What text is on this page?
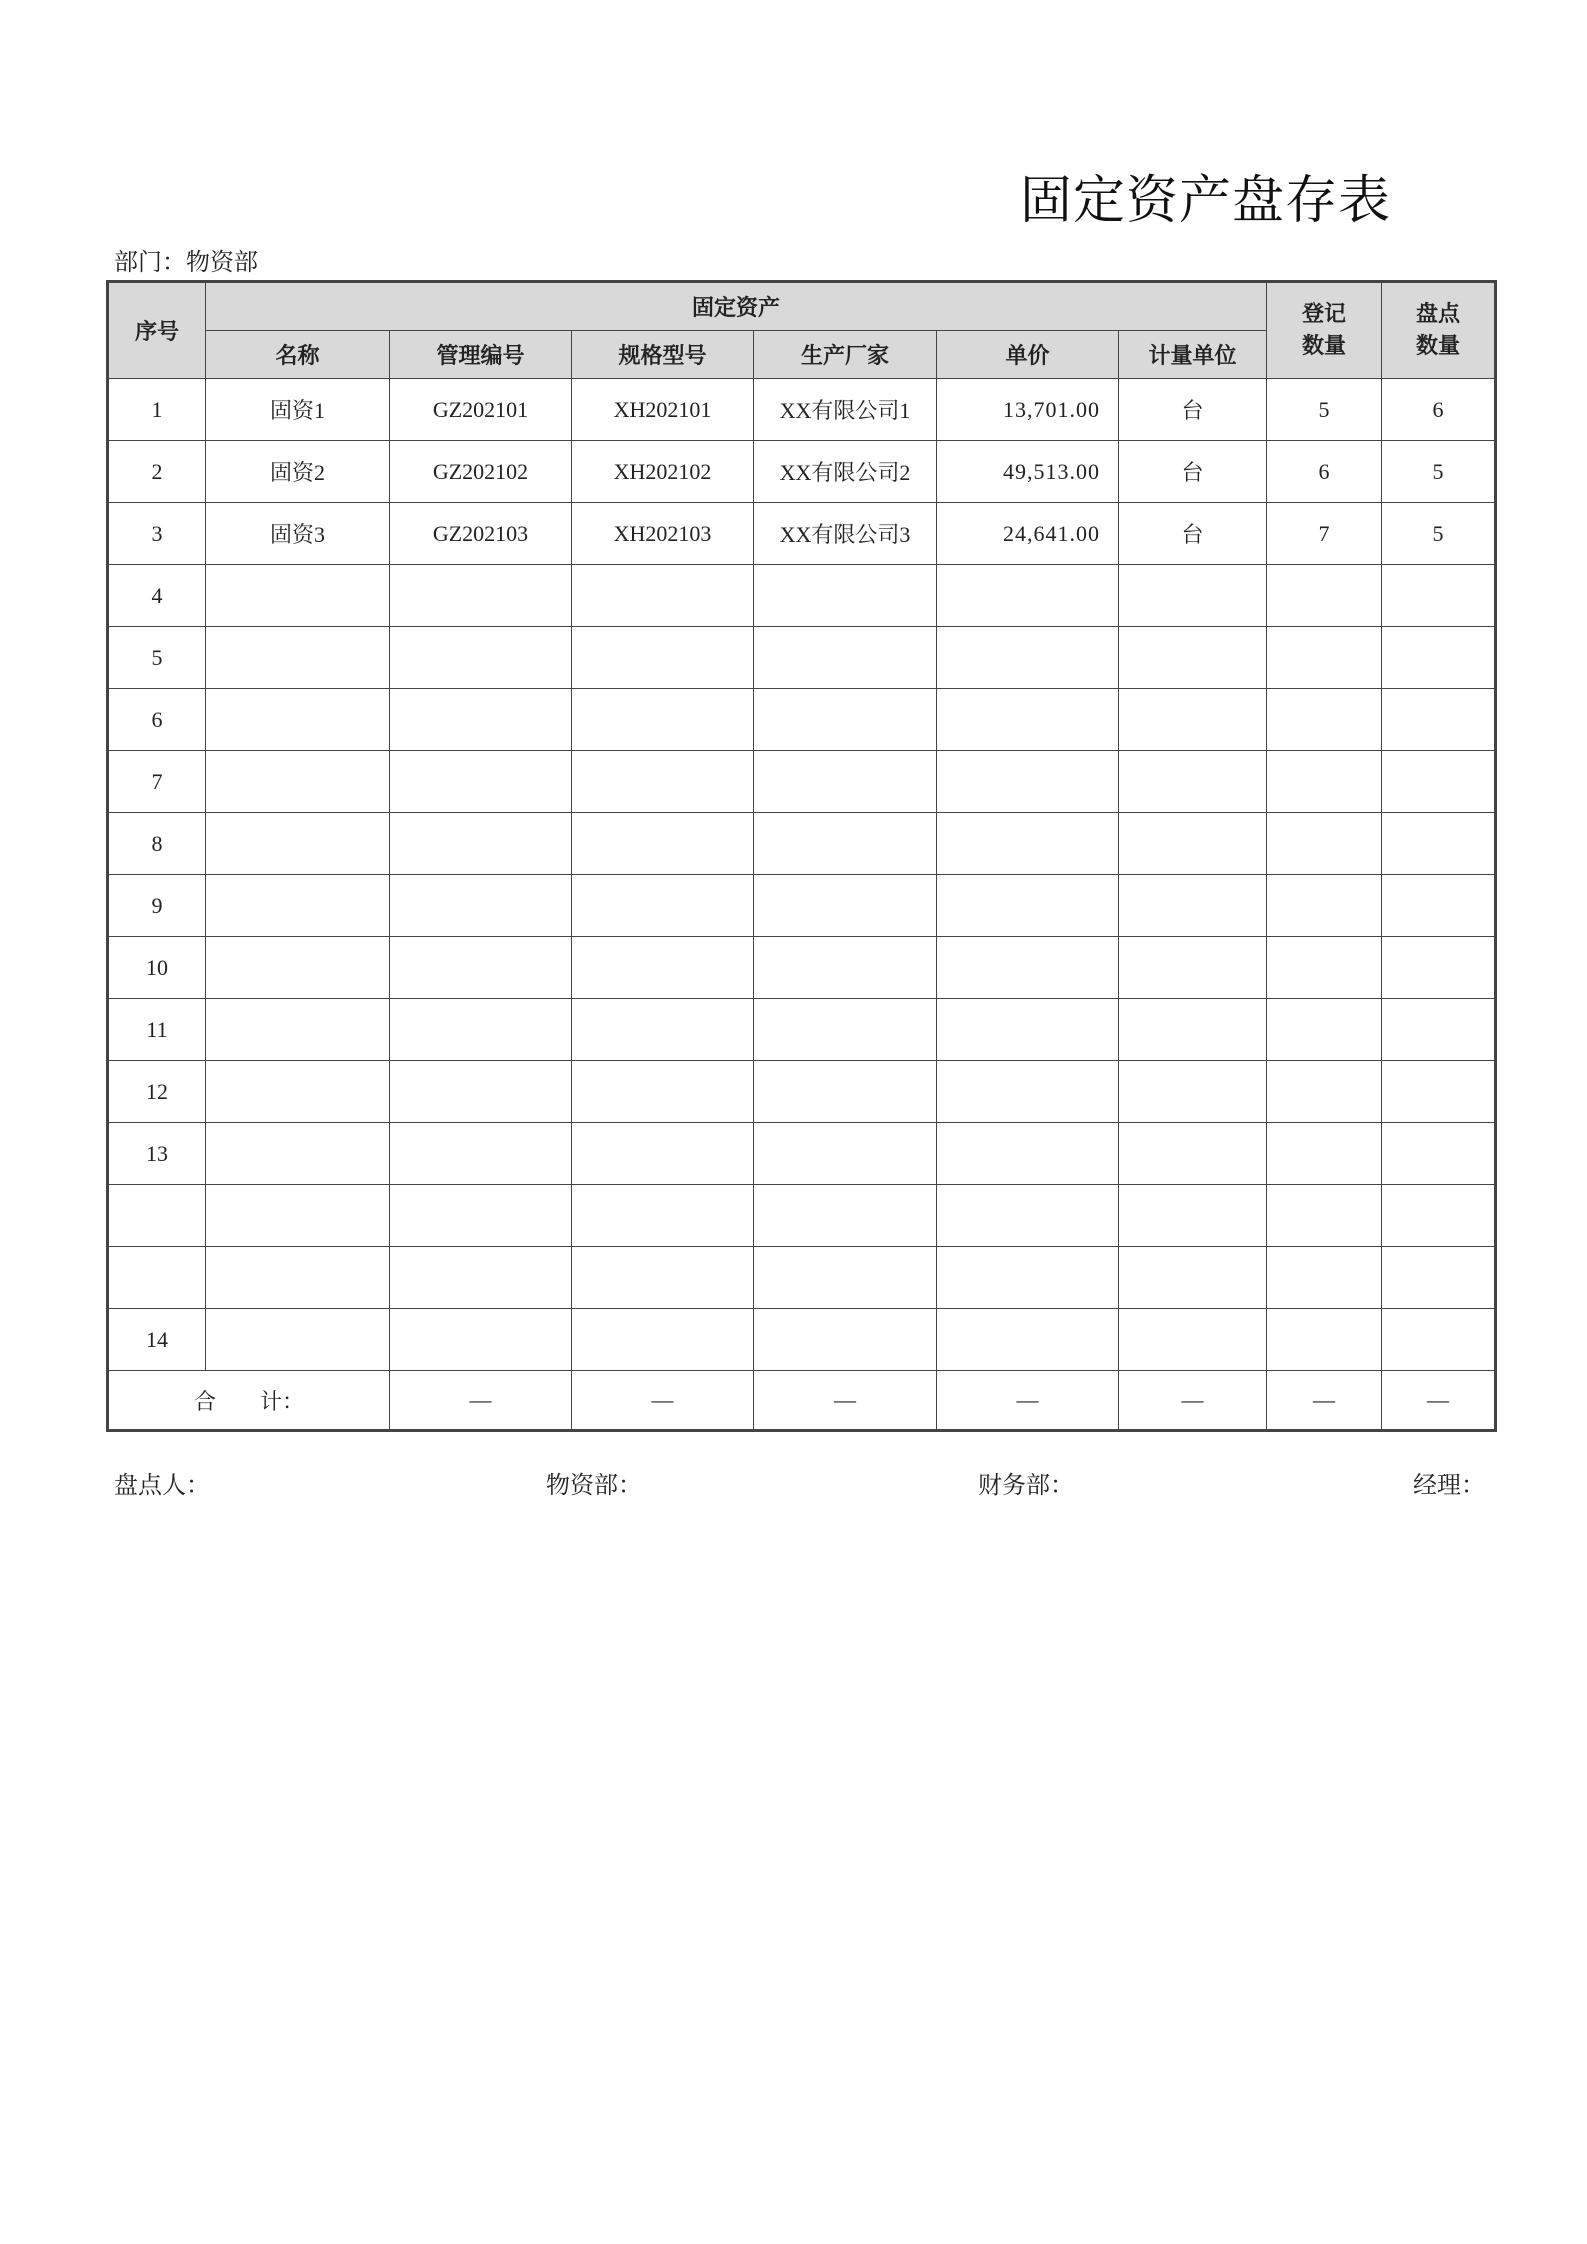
固定资产盘存表
部门：物资部
序号	固定资产						登记数量	盘点数量
	名称	管理编号	规格型号	生产厂家	单价	计量单位		
1	固资1	GZ202101	XH202101	XX有限公司1	13,701.00	台	5	6
2	固资2	GZ202102	XH202102	XX有限公司2	49,513.00	台	6	5
3	固资3	GZ202103	XH202103	XX有限公司3	24,641.00	台	7	5
4								
5								
6								
7								
8								
9								
10								
11								
12								
13								

14								
合　　计：		—	—	—	—	—	—	—
盘点人：	物资部：	财务部：	经理：
